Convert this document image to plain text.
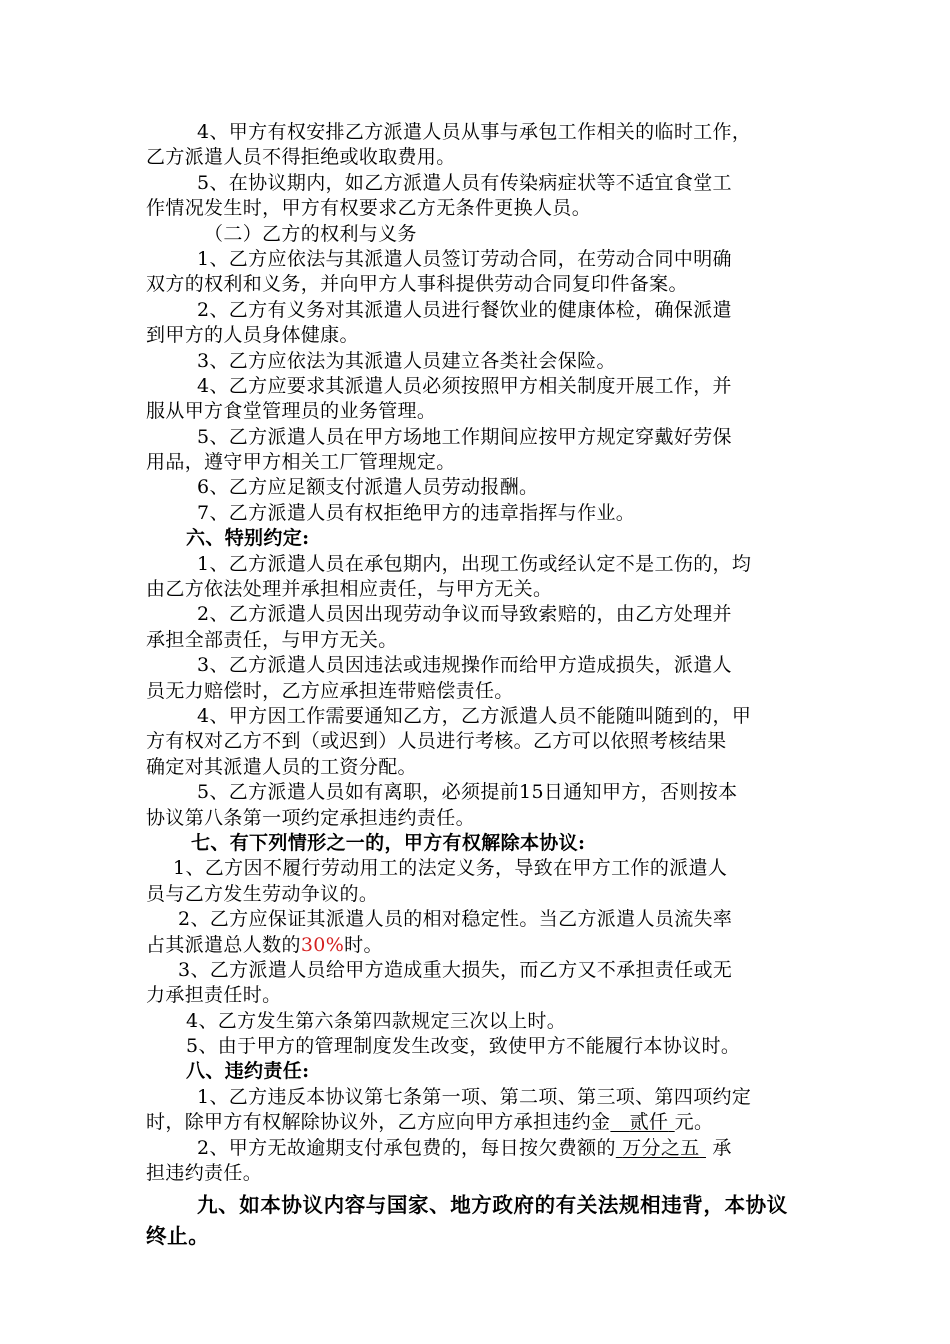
4、甲方有权安排乙方派遣人员从事与承包工作相关的临时工作，
乙方派遣人员不得拒绝或收取费用。
5、在协议期内，如乙方派遣人员有传染病症状等不适宜食堂工
作情况发生时，甲方有权要求乙方无条件更换人员。
（二）乙方的权利与义务
1、乙方应依法与其派遣人员签订劳动合同，在劳动合同中明确
双方的权利和义务，并向甲方人事科提供劳动合同复印件备案。
2、乙方有义务对其派遣人员进行餐饮业的健康体检，确保派遣
到甲方的人员身体健康。
3、乙方应依法为其派遣人员建立各类社会保险。
4、乙方应要求其派遣人员必须按照甲方相关制度开展工作，并
服从甲方食堂管理员的业务管理。
5、乙方派遣人员在甲方场地工作期间应按甲方规定穿戴好劳保
用品，遵守甲方相关工厂管理规定。
6、乙方应足额支付派遣人员劳动报酬。
7、乙方派遣人员有权拒绝甲方的违章指挥与作业。
六、特别约定:
1、乙方派遣人员在承包期内，出现工伤或经认定不是工伤的，均
由乙方依法处理并承担相应责任，与甲方无关。
2、乙方派遣人员因出现劳动争议而导致索赔的，由乙方处理并
承担全部责任，与甲方无关。
3、乙方派遣人员因违法或违规操作而给甲方造成损失，派遣人
员无力赔偿时，乙方应承担连带赔偿责任。
4、甲方因工作需要通知乙方，乙方派遣人员不能随叫随到的，甲
方有权对乙方不到（或迟到）人员进行考核。乙方可以依照考核结果
确定对其派遣人员的工资分配。
5、乙方派遣人员如有离职，必须提前15日通知甲方，否则按本
协议第八条第一项约定承担违约责任。
七、有下列情形之一的，甲方有权解除本协议:
1、乙方因不履行劳动用工的法定义务，导致在甲方工作的派遣人
员与乙方发生劳动争议的。
2、乙方应保证其派遣人员的相对稳定性。当乙方派遣人员流失率
占其派遣总人数的30%时。
3、乙方派遣人员给甲方造成重大损失，而乙方又不承担责任或无
力承担责任时。
4、乙方发生第六条第四款规定三次以上时。
5、由于甲方的管理制度发生改变，致使甲方不能履行本协议时。
八、违约责任:
1、乙方违反本协议第七条第一项、第二项、第三项、第四项约定
时，除甲方有权解除协议外，乙方应向甲方承担违约金 贰仟 元。
2、甲方无故逾期支付承包费的，每日按欠费额的 万分之五 承
担违约责任。
九、如本协议内容与国家、地方政府的有关法规相违背，本协议
终止。
